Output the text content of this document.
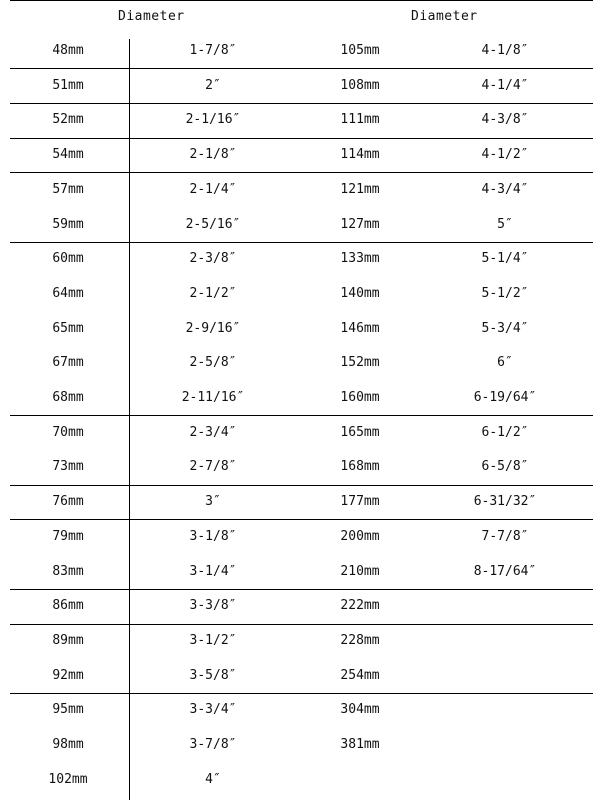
Diameter	Diameter
48mm	1-7/8″	105mm	4-1/8″
51mm	2″	108mm	4-1/4″
52mm	2-1/16″	111mm	4-3/8″
54mm	2-1/8″	114mm	4-1/2″
57mm	2-1/4″	121mm	4-3/4″
59mm	2-5/16″	127mm	5″
60mm	2-3/8″	133mm	5-1/4″
64mm	2-1/2″	140mm	5-1/2″
65mm	2-9/16″	146mm	5-3/4″
67mm	2-5/8″	152mm	6″
68mm	2-11/16″	160mm	6-19/64″
70mm	2-3/4″	165mm	6-1/2″
73mm	2-7/8″	168mm	6-5/8″
76mm	3″	177mm	6-31/32″
79mm	3-1/8″	200mm	7-7/8″
83mm	3-1/4″	210mm	8-17/64″
86mm	3-3/8″	222mm
89mm	3-1/2″	228mm
92mm	3-5/8″	254mm
95mm	3-3/4″	304mm
98mm	3-7/8″	381mm
102mm	4″
